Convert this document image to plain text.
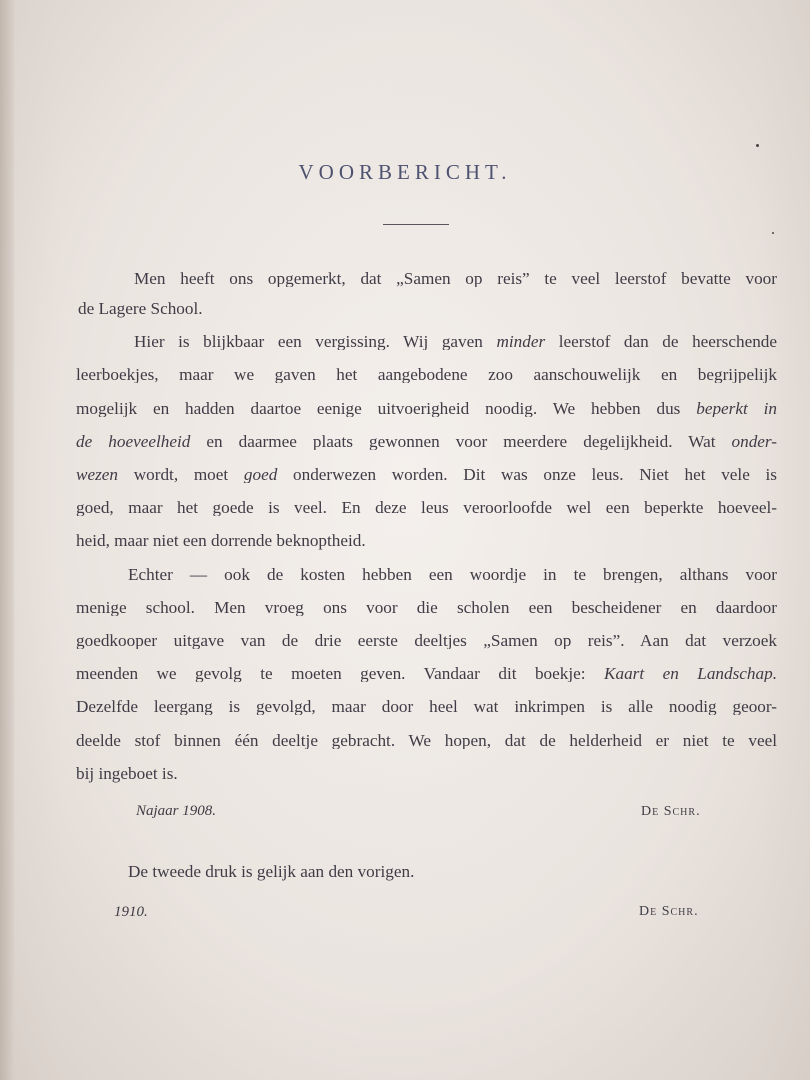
VOORBERICHT.
Men heeft ons opgemerkt, dat „Samen op reis” te veel leerstof bevatte voor
de Lagere School.
Hier is blijkbaar een vergissing. Wij gaven minder leerstof dan de heerschende
leerboekjes, maar we gaven het aangebodene zoo aanschouwelijk en begrijpelijk
mogelijk en hadden daartoe eenige uitvoerigheid noodig. We hebben dus beperkt in
de hoeveelheid en daarmee plaats gewonnen voor meerdere degelijkheid. Wat onder-
wezen wordt, moet goed onderwezen worden. Dit was onze leus. Niet het vele is
goed, maar het goede is veel. En deze leus veroorloofde wel een beperkte hoeveel-
heid, maar niet een dorrende beknoptheid.
Echter — ook de kosten hebben een woordje in te brengen, althans voor
menige school. Men vroeg ons voor die scholen een bescheidener en daardoor
goedkooper uitgave van de drie eerste deeltjes „Samen op reis”. Aan dat verzoek
meenden we gevolg te moeten geven. Vandaar dit boekje: Kaart en Landschap.
Dezelfde leergang is gevolgd, maar door heel wat inkrimpen is alle noodig geoor-
deelde stof binnen één deeltje gebracht. We hopen, dat de helderheid er niet te veel
bij ingeboet is.
Najaar 1908.	De Schr.
De tweede druk is gelijk aan den vorigen.
1910.	De Schr.
